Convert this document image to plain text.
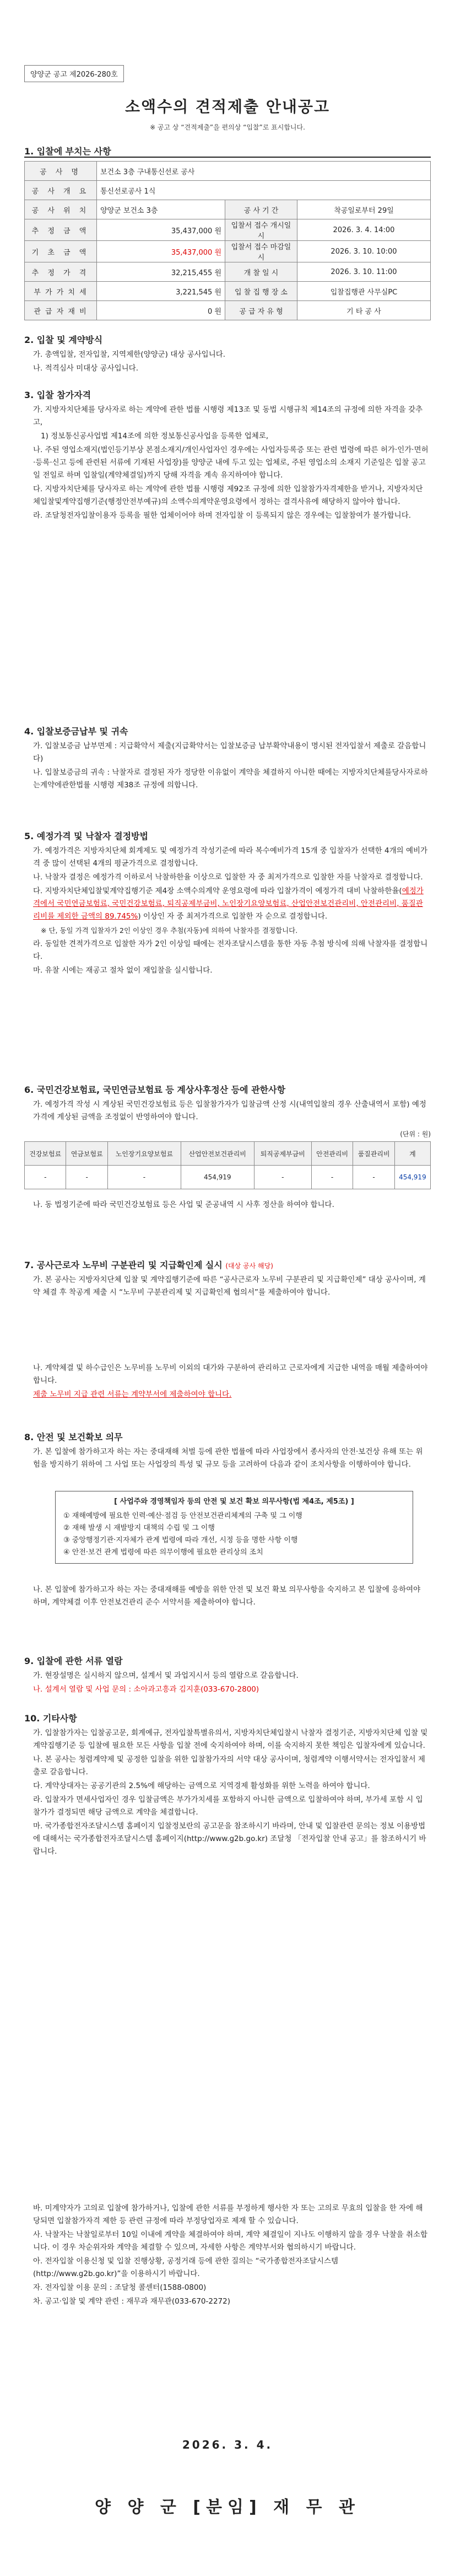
양양군 공고 제2026-280호
소액수의 견적제출 안내공고
※ 공고 상 “견적제출”을 편의상 “입찰”로 표시합니다.
1. 입찰에 부치는 사항
공 사 명	보건소 3층 구내통신선로 공사		
공 사 개 요	통신선로공사 1식		
공 사 위 치	양양군 보건소 3층	공 사 기 간	착공일로부터 29일
추 정 금 액	35,437,000 원	입찰서 접수 개시일시	2026. 3. 4. 14:00
기 초 금 액	35,437,000 원	입찰서 접수 마감일시	2026. 3. 10. 10:00
추 정 가 격	32,215,455 원	개 찰 일 시	2026. 3. 10. 11:00
부 가 가 치 세	3,221,545 원	입 찰 집 행 장 소	입찰집행관 사무실PC
관 급 자 재 비	0 원	공 급 자 유 형	기 타 공 사
2. 입찰 및 계약방식
가. 총액입찰, 전자입찰, 지역제한(양양군) 대상 공사입니다.
나. 적격심사 미대상 공사입니다.
3. 입찰 참가자격
가. 지방자치단체를 당사자로 하는 계약에 관한 법률 시행령 제13조 및 동법 시행규칙 제14조의 규정에 의한 자격을 갖추고,
1) 정보통신공사업법 제14조에 의한 정보통신공사업을 등록한 업체로,
나. 주된 영업소재지(법인등기부상 본점소재지/개인사업자인 경우에는 사업자등록증 또는 관련 법령에 따른 허가·인가·면허·등록·신고 등에 관련된 서류에 기재된 사업장)를 양양군 내에 두고 있는 업체로, 주된 영업소의 소재지 기준일은 입찰 공고일 전일로 하며 입찰일(계약체결일)까지 당해 자격을 계속 유지하여야 합니다.
다. 지방자치단체를 당사자로 하는 계약에 관한 법률 시행령 제92조 규정에 의한 입찰참가자격제한을 받거나, 지방자치단체입찰및계약집행기준(행정안전부예규)의 소액수의계약운영요령에서 정하는 결격사유에 해당하지 않아야 합니다.
라. 조달청전자입찰이용자 등록을 필한 업체이어야 하며 전자입찰 이 등록되지 않은 경우에는 입찰참여가 불가합니다.
4. 입찰보증금납부 및 귀속
가. 입찰보증금 납부면제 : 지급확약서 제출(지급확약서는 입찰보증금 납부확약내용이 명시된 전자입찰서 제출로 갈음합니다)
나. 입찰보증금의 귀속 : 낙찰자로 결정된 자가 정당한 이유없이 계약을 체결하지 아니한 때에는 지방자치단체를당사자로하는계약에관한법률 시행령 제38조 규정에 의합니다.
5. 예정가격 및 낙찰자 결정방법
가. 예정가격은 지방자치단체 회계제도 및 예정가격 작성기준에 따라 복수예비가격 15개 중 입찰자가 선택한 4개의 예비가격 중 많이 선택된 4개의 평균가격으로 결정합니다.
나. 낙찰자 결정은 예정가격 이하로서 낙찰하한율 이상으로 입찰한 자 중 최저가격으로 입찰한 자를 낙찰자로 결정합니다.
다. 지방자치단체입찰및계약집행기준 제4장 소액수의계약 운영요령에 따라 입찰가격이 예정가격 대비 낙찰하한율(예정가격에서 국민연금보험료, 국민건강보험료, 퇴직공제부금비, 노인장기요양보험료, 산업안전보건관리비, 안전관리비, 품질관리비를 제외한 금액의 89.745%) 이상인 자 중 최저가격으로 입찰한 자 순으로 결정합니다.
※ 단, 동일 가격 입찰자가 2인 이상인 경우 추첨(자동)에 의하여 낙찰자를 결정합니다.
라. 동일한 견적가격으로 입찰한 자가 2인 이상일 때에는 전자조달시스템을 통한 자동 추첨 방식에 의해 낙찰자를 결정합니다.
마. 유찰 시에는 재공고 절차 없이 재입찰을 실시합니다.
6. 국민건강보험료, 국민연금보험료 등 계상사후정산 등에 관한사항
가. 예정가격 작성 시 계상된 국민건강보험료 등은 입찰참가자가 입찰금액 산정 시(내역입찰의 경우 산출내역서 포함) 예정가격에 계상된 금액을 조정없이 반영하여야 합니다.
(단위 : 원)
건강보험료	연금보험료	노인장기요양보험료	산업안전보건관리비	퇴직공제부금비	안전관리비	품질관리비	계
-	-	-	454,919	-	-	-	454,919
나. 동 법정기준에 따라 국민건강보험료 등은 사업 및 준공내역 시 사후 정산을 하여야 합니다.
7. 공사근로자 노무비 구분관리 및 지급확인제 실시 (대상 공사 해당)
가. 본 공사는 지방자치단체 입찰 및 계약집행기준에 따른 “공사근로자 노무비 구분관리 및 지급확인제” 대상 공사이며, 계약 체결 후 착공계 제출 시 “노무비 구분관리제 및 지급확인제 협의서”를 제출하여야 합니다.
나. 계약체결 및 하수급인은 노무비를 노무비 이외의 대가와 구분하여 관리하고 근로자에게 지급한 내역을 매월 제출하여야 합니다.
제출 노무비 지급 관련 서류는 계약부서에 제출하여야 합니다.
8. 안전 및 보건확보 의무
가. 본 입찰에 참가하고자 하는 자는 중대재해 처벌 등에 관한 법률에 따라 사업장에서 종사자의 안전·보건상 유해 또는 위험을 방지하기 위하여 그 사업 또는 사업장의 특성 및 규모 등을 고려하여 다음과 같이 조치사항을 이행하여야 합니다.
[ 사업주와 경영책임자 등의 안전 및 보건 확보 의무사항(법 제4조, 제5조) ]
① 재해예방에 필요한 인력·예산·점검 등 안전보건관리체계의 구축 및 그 이행
② 재해 발생 시 재발방지 대책의 수립 및 그 이행
③ 중앙행정기관·지자체가 관계 법령에 따라 개선, 시정 등을 명한 사항 이행
④ 안전·보건 관계 법령에 따른 의무이행에 필요한 관리상의 조치
나. 본 입찰에 참가하고자 하는 자는 중대재해를 예방을 위한 안전 및 보건 확보 의무사항을 숙지하고 본 입찰에 응하여야 하며, 계약체결 이후 안전보건관리 준수 서약서를 제출하여야 합니다.
9. 입찰에 관한 서류 열람
가. 현장설명은 실시하지 않으며, 설계서 및 과업지시서 등의 열람으로 갈음합니다.
나. 설계서 열람 및 사업 문의 : 소아과고흥과 김지훈(033-670-2800)
10. 기타사항
가. 입찰참가자는 입찰공고문, 회계예규, 전자입찰특별유의서, 지방자치단체입찰시 낙찰자 결정기준, 지방자치단체 입찰 및 계약집행기준 등 입찰에 필요한 모든 사항을 입찰 전에 숙지하여야 하며, 이를 숙지하지 못한 책임은 입찰자에게 있습니다.
나. 본 공사는 청렴계약제 및 공정한 입찰을 위한 입찰참가자의 서약 대상 공사이며, 청렴계약 이행서약서는 전자입찰서 제출로 갈음합니다.
다. 계약상대자는 공공기관의 2.5%에 해당하는 금액으로 지역경제 활성화를 위한 노력을 하여야 합니다.
라. 입찰자가 면세사업자인 경우 입찰금액은 부가가치세를 포함하지 아니한 금액으로 입찰하여야 하며, 부가세 포함 시 입찰가가 결정되면 해당 금액으로 계약을 체결합니다.
마. 국가종합전자조달시스템 홈페이지 입찰정보란의 공고문을 참조하시기 바라며, 안내 및 입찰관련 문의는 정보 이용방법에 대해서는 국가종합전자조달시스템 홈페이지(http://www.g2b.go.kr) 조달청 「전자입찰 안내 공고」를 참조하시기 바랍니다.
바. 미계약자가 고의로 입찰에 참가하거나, 입찰에 관한 서류를 부정하게 행사한 자 또는 고의로 무효의 입찰을 한 자에 해당되면 입찰참가자격 제한 등 관련 규정에 따라 부정당업자로 제재 할 수 있습니다.
사. 낙찰자는 낙찰일로부터 10일 이내에 계약을 체결하여야 하며, 계약 체결일이 지나도 이행하지 않을 경우 낙찰을 취소합니다. 이 경우 차순위자와 계약을 체결할 수 있으며, 자세한 사항은 계약부서와 협의하시기 바랍니다.
아. 전자입찰 이용신청 및 입찰 진행상황, 공정거래 등에 관한 질의는 “국가종합전자조달시스템(http://www.g2b.go.kr)”을 이용하시기 바랍니다.
자. 전자입찰 이용 문의 : 조달청 콜센터(1588-0800)
차. 공고·입찰 및 계약 관련 : 재무과 재무관(033-670-2272)
2026. 3. 4.
양 양 군 [분임] 재 무 관
